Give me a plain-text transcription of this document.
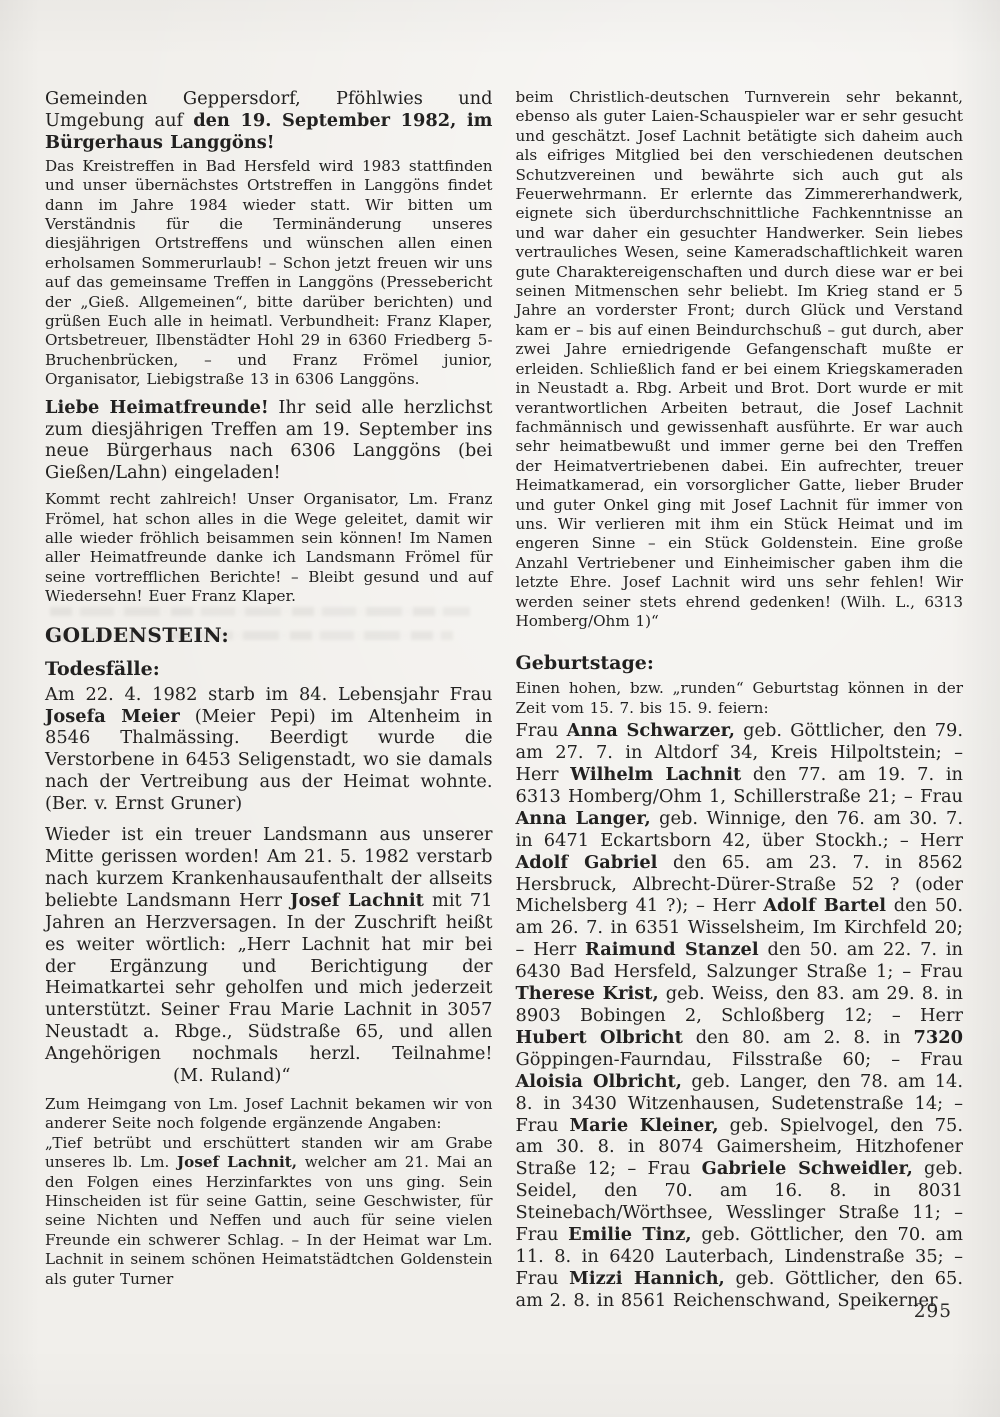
Gemeinden Geppersdorf, Pföhlwies und Umgebung auf den 19. September 1982, im Bürgerhaus Langgöns!

Das Kreistreffen in Bad Hersfeld wird 1983 stattfinden und unser übernächstes Ortstreffen in Langgöns findet dann im Jahre 1984 wieder statt. Wir bitten um Verständnis für die Terminänderung unseres diesjährigen Ortstreffens und wünschen allen einen erholsamen Sommerurlaub! – Schon jetzt freuen wir uns auf das gemeinsame Treffen in Langgöns (Pressebericht der „Gieß. Allgemeinen“, bitte darüber berichten) und grüßen Euch alle in heimatl. Verbundheit: Franz Klaper, Ortsbetreuer, Ilbenstädter Hohl 29 in 6360 Friedberg 5-Bruchenbrücken, – und Franz Frömel junior, Organisator, Liebigstraße 13 in 6306 Langgöns.

Liebe Heimatfreunde! Ihr seid alle herzlichst zum diesjährigen Treffen am 19. September ins neue Bürgerhaus nach 6306 Langgöns (bei Gießen/Lahn) eingeladen!

Kommt recht zahlreich! Unser Organisator, Lm. Franz Frömel, hat schon alles in die Wege geleitet, damit wir alle wieder fröhlich beisammen sein können! Im Namen aller Heimatfreunde danke ich Landsmann Frömel für seine vortrefflichen Berichte! – Bleibt gesund und auf Wiedersehn! Euer Franz Klaper.

GOLDENSTEIN:
Todesfälle:

Am 22. 4. 1982 starb im 84. Lebensjahr Frau Josefa Meier (Meier Pepi) im Altenheim in 8546 Thalmässing. Beerdigt wurde die Verstorbene in 6453 Seligenstadt, wo sie damals nach der Vertreibung aus der Heimat wohnte. (Ber. v. Ernst Gruner)

Wieder ist ein treuer Landsmann aus unserer Mitte gerissen worden! Am 21. 5. 1982 verstarb nach kurzem Krankenhausaufenthalt der allseits beliebte Landsmann Herr Josef Lachnit mit 71 Jahren an Herzversagen. In der Zuschrift heißt es weiter wörtlich: „Herr Lachnit hat mir bei der Ergänzung und Berichtigung der Heimatkartei sehr geholfen und mich jederzeit unterstützt. Seiner Frau Marie Lachnit in 3057 Neustadt a. Rbge., Südstraße 65, und allen Angehörigen nochmals herzl. Teilnahme!(M. Ruland)“

Zum Heimgang von Lm. Josef Lachnit bekamen wir von anderer Seite noch folgende ergänzende Angaben:

„Tief betrübt und erschüttert standen wir am Grabe unseres lb. Lm. Josef Lachnit, welcher am 21. Mai an den Folgen eines Herzinfarktes von uns ging. Sein Hinscheiden ist für seine Gattin, seine Geschwister, für seine Nichten und Neffen und auch für seine vielen Freunde ein schwerer Schlag. – In der Heimat war Lm. Lachnit in seinem schönen Heimatstädtchen Goldenstein als guter Turner

beim Christlich-deutschen Turnverein sehr bekannt, ebenso als guter Laien-Schauspieler war er sehr gesucht und geschätzt. Josef Lachnit betätigte sich daheim auch als eifriges Mitglied bei den verschiedenen deutschen Schutzvereinen und bewährte sich auch gut als Feuerwehrmann. Er erlernte das Zimmererhandwerk, eignete sich überdurchschnittliche Fachkenntnisse an und war daher ein gesuchter Handwerker. Sein liebes vertrauliches Wesen, seine Kameradschaftlichkeit waren gute Charaktereigenschaften und durch diese war er bei seinen Mitmenschen sehr beliebt. Im Krieg stand er 5 Jahre an vorderster Front; durch Glück und Verstand kam er – bis auf einen Beindurchschuß – gut durch, aber zwei Jahre erniedrigende Gefangenschaft mußte er erleiden. Schließlich fand er bei einem Kriegskameraden in Neustadt a. Rbg. Arbeit und Brot. Dort wurde er mit verantwortlichen Arbeiten betraut, die Josef Lachnit fachmännisch und gewissenhaft ausführte. Er war auch sehr heimatbewußt und immer gerne bei den Treffen der Heimatvertriebenen dabei. Ein aufrechter, treuer Heimatkamerad, ein vorsorglicher Gatte, lieber Bruder und guter Onkel ging mit Josef Lachnit für immer von uns. Wir verlieren mit ihm ein Stück Heimat und im engeren Sinne – ein Stück Goldenstein. Eine große Anzahl Vertriebener und Einheimischer gaben ihm die letzte Ehre. Josef Lachnit wird uns sehr fehlen! Wir werden seiner stets ehrend gedenken! (Wilh. L., 6313 Homberg/Ohm 1)“

Geburtstage:

Einen hohen, bzw. „runden“ Geburtstag können in der Zeit vom 15. 7. bis 15. 9. feiern:

Frau Anna Schwarzer, geb. Göttlicher, den 79. am 27. 7. in Altdorf 34, Kreis Hilpoltstein; – Herr Wilhelm Lachnit den 77. am 19. 7. in 6313 Homberg/Ohm 1, Schillerstraße 21; – Frau Anna Langer, geb. Winnige, den 76. am 30. 7. in 6471 Eckartsborn 42, über Stockh.; – Herr Adolf Gabriel den 65. am 23. 7. in 8562 Hersbruck, Albrecht-Dürer-Straße 52 ? (oder Michelsberg 41 ?); – Herr Adolf Bartel den 50. am 26. 7. in 6351 Wisselsheim, Im Kirchfeld 20; – Herr Raimund Stanzel den 50. am 22. 7. in 6430 Bad Hersfeld, Salzunger Straße 1; – Frau Therese Krist, geb. Weiss, den 83. am 29. 8. in 8903 Bobingen 2, Schloßberg 12; – Herr Hubert Olbricht den 80. am 2. 8. in 7320 Göppingen-Faurndau, Filsstraße 60; – Frau Aloisia Olbricht, geb. Langer, den 78. am 14. 8. in 3430 Witzenhausen, Sudetenstraße 14; – Frau Marie Kleiner, geb. Spielvogel, den 75. am 30. 8. in 8074 Gaimersheim, Hitzhofener Straße 12; – Frau Gabriele Schweidler, geb. Seidel, den 70. am 16. 8. in 8031 Steinebach/Wörthsee, Wesslinger Straße 11; – Frau Emilie Tinz, geb. Göttlicher, den 70. am 11. 8. in 6420 Lauterbach, Lindenstraße 35; – Frau Mizzi Hannich, geb. Göttlicher, den 65. am 2. 8. in 8561 Reichenschwand, Speikerner

295
